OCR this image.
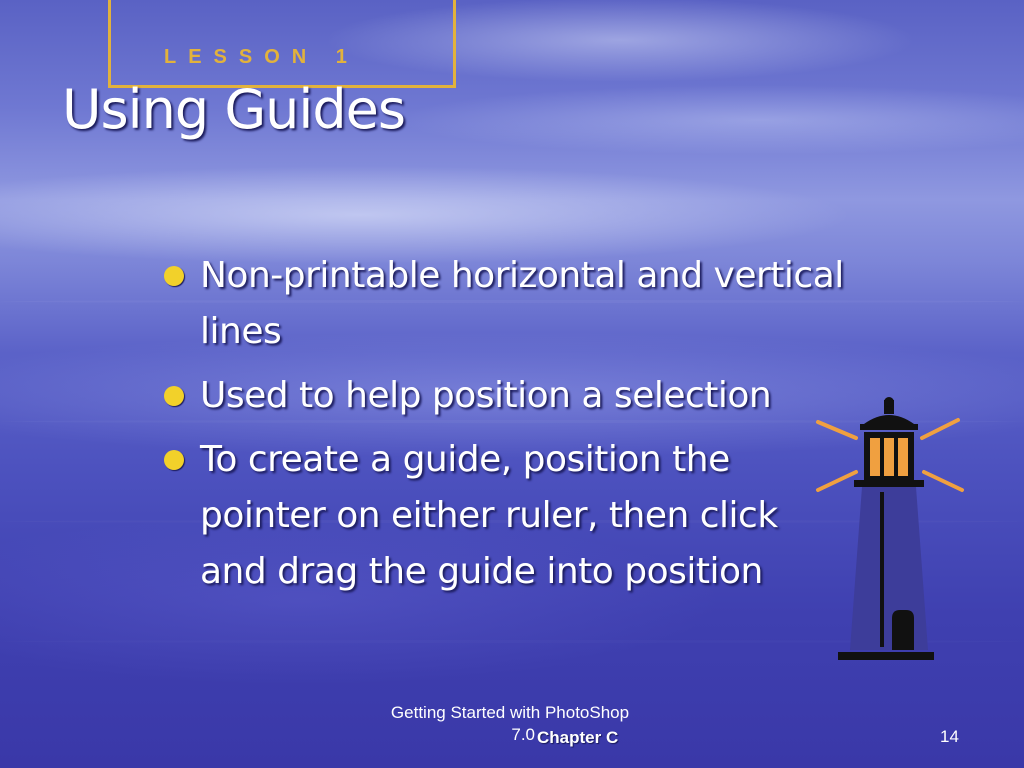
LESSON 1
Using Guides
Non-printable horizontal and vertical lines
Used to help position a selection
To create a guide, position the pointer on either ruler, then click and drag the guide into position
Getting Started with PhotoShop
7.0 Chapter C	14
